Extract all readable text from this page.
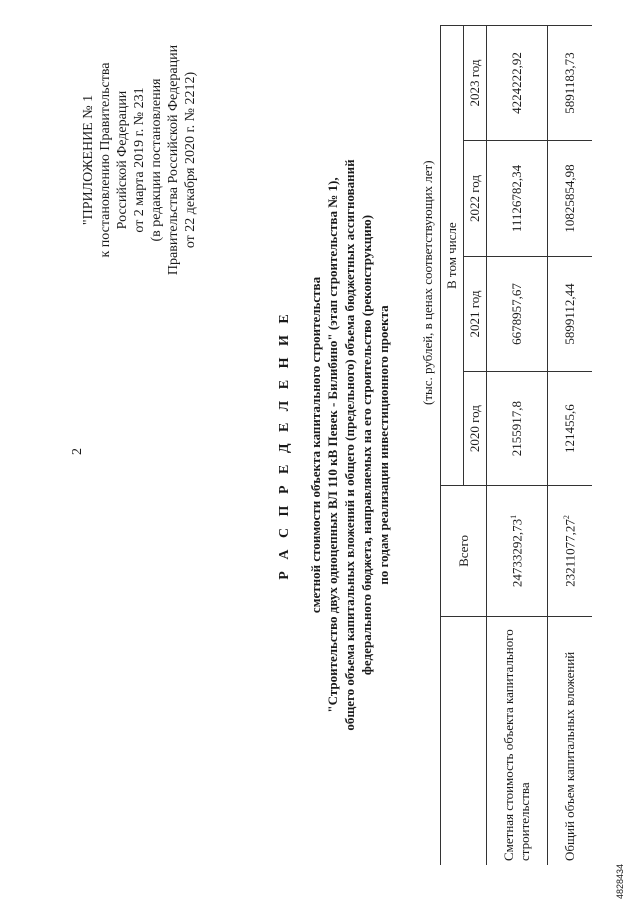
2
4828434
"ПРИЛОЖЕНИЕ № 1 к постановлению Правительства Российской Федерации от 2 марта 2019 г. № 231 (в редакции постановления Правительства Российской Федерации от 22 декабря 2020 г. № 2212)
Р А С П Р Е Д Е Л Е Н И Е сметной стоимости объекта капитального строительства "Строительство двух одноцепных ВЛ 110 кВ Певек - Билибино" (этап строительства № 1), общего объема капитальных вложений и общего (предельного) объема бюджетных ассигнований федерального бюджета, направляемых на его строительство (реконструкцию) по годам реализации инвестиционного проекта
(тыс. рублей, в ценах соответствующих лет)
	Всего	В том числе			
		2020 год	2021 год	2022 год	2023 год
Сметная стоимость объекта капитального строительства	24733292,73$^1$	2155917,8	6678957,67	11126782,34	4224222,92
Общий объем капитальных вложений	23211077,27$^2$	121455,6	5899112,44	10825854,98	5891183,73
